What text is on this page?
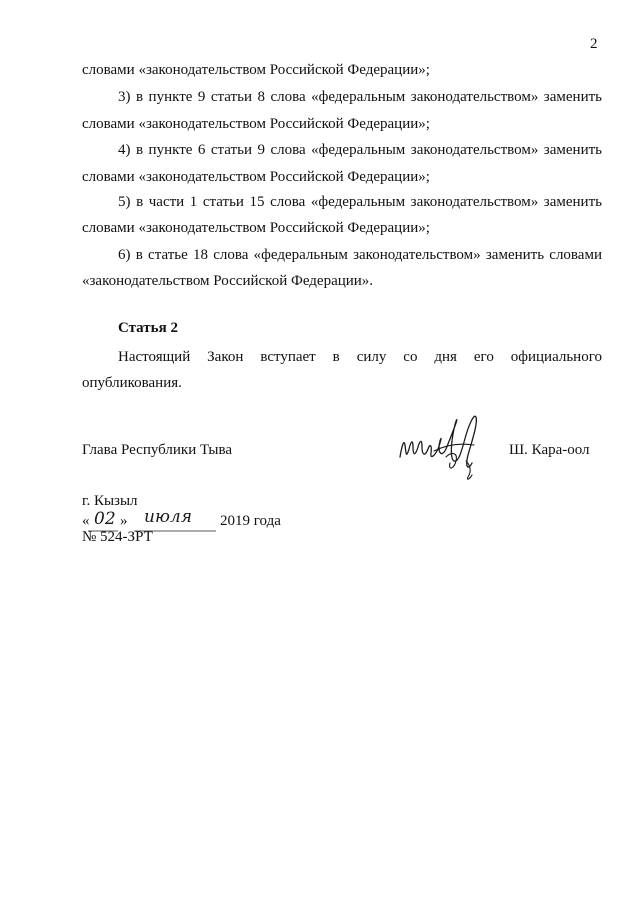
2
словами «законодательством Российской Федерации»;
3) в пункте 9 статьи 8 слова «федеральным законодательством» заменить
словами «законодательством Российской Федерации»;
4) в пункте 6 статьи 9 слова «федеральным законодательством» заменить
словами «законодательством Российской Федерации»;
5) в части 1 статьи 15 слова «федеральным законодательством» заменить
словами «законодательством Российской Федерации»;
6) в статье 18 слова «федеральным законодательством» заменить словами
«законодательством Российской Федерации».
Статья 2
Настоящий Закон вступает в силу со дня его официального
опубликования.
Глава Республики Тыва	Ш. Кара-оол
г. Кызыл
« 02 » июля 2019 года
№ 524-ЗРТ
